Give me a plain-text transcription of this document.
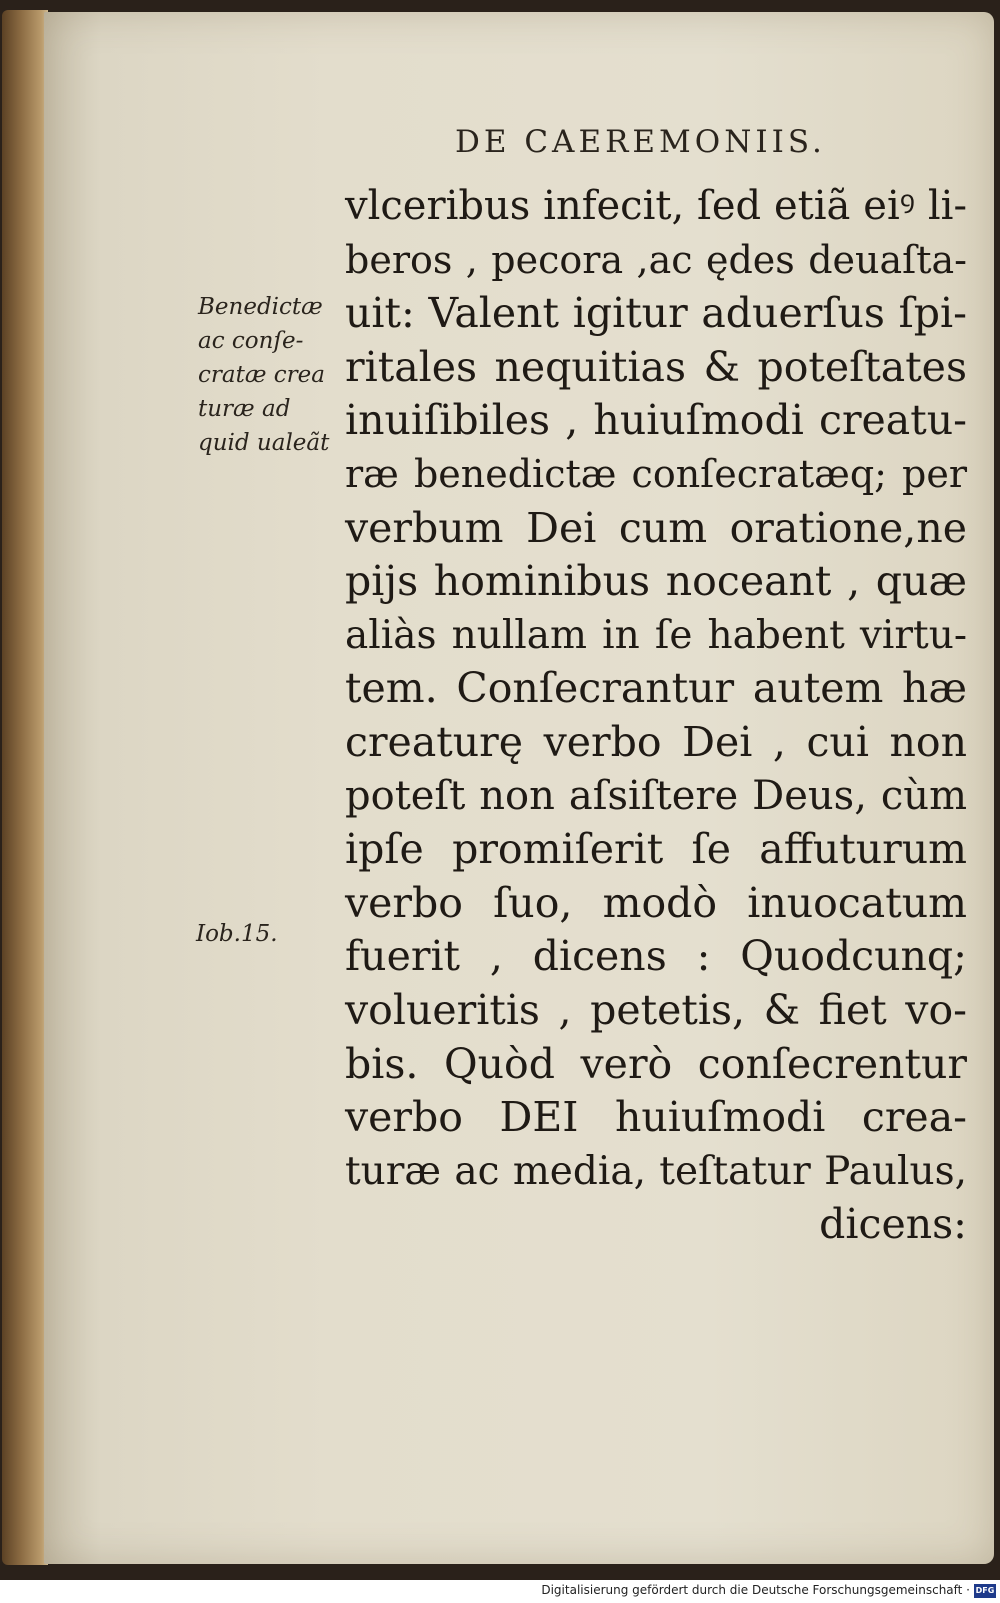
DE CAEREMONIIS.
Benedictæ
ac conſe-
cratæ crea
turæ ad
quid ualeãt
Iob.15.
vlceribus infecit, ſed etiã eiꝰ li-
beros , pecora ,ac ędes deuaſta-
uit: Valent igitur aduerſus ſpi-
ritales nequitias & poteſtates
inuiſibiles , huiuſmodi creatu-
ræ benedictæ conſecratæq; per
verbum Dei cum oratione,ne
pijs hominibus noceant , quæ
aliàs nullam in ſe habent virtu-
tem. Conſecrantur autem hæ
creaturę verbo Dei , cui non
poteſt non aſsiſtere Deus, cùm
ipſe promiſerit ſe affuturum
verbo ſuo, modò inuocatum
fuerit , dicens : Quodcunq;
volueritis , petetis, & fiet vo-
bis. Quòd verò conſecrentur
verbo DEI huiuſmodi crea-
turæ ac media, teſtatur Paulus,
dicens:
Digitalisierung gefördert durch die Deutsche Forschungsgemeinschaft · DFG
